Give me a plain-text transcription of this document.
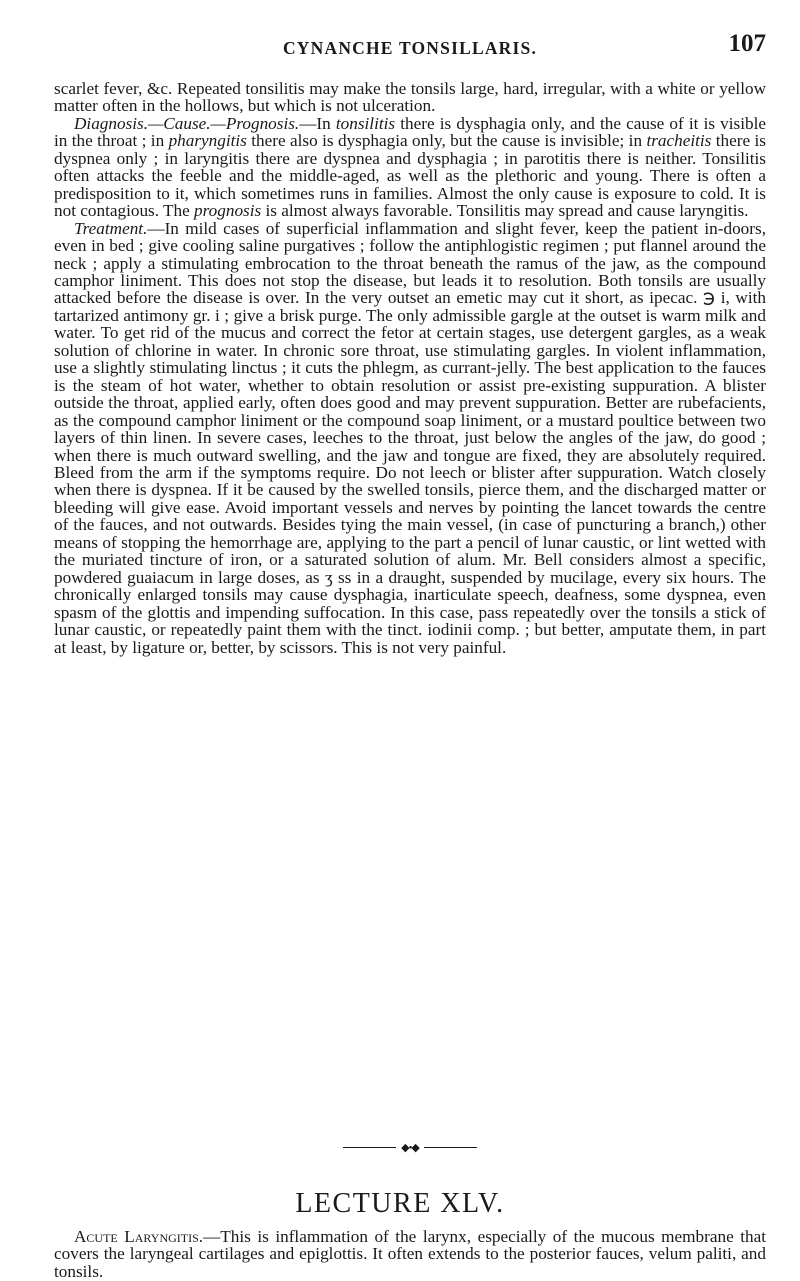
CYNANCHE TONSILLARIS.	107

scarlet fever, &c. Repeated tonsilitis may make the tonsils large, hard, irregular, with a white or yellow matter often in the hollows, but which is not ulceration.

Diagnosis.—Cause.—Prognosis.—In tonsilitis there is dysphagia only, and the cause of it is visible in the throat ; in pharyngitis there also is dysphagia only, but the cause is invisible; in tracheitis there is dyspnea only ; in laryngitis there are dyspnea and dysphagia ; in parotitis there is neither. Tonsilitis often attacks the feeble and the middle-aged, as well as the plethoric and young. There is often a predisposition to it, which sometimes runs in families. Almost the only cause is exposure to cold. It is not contagious. The prognosis is almost always favorable. Tonsilitis may spread and cause laryngitis.

Treatment.—In mild cases of superficial inflammation and slight fever, keep the patient in-doors, even in bed ; give cooling saline purgatives ; follow the antiphlogistic regimen ; put flannel around the neck ; apply a stimulating embrocation to the throat beneath the ramus of the jaw, as the compound camphor liniment. This does not stop the disease, but leads it to resolution. Both tonsils are usually attacked before the disease is over. In the very outset an emetic may cut it short, as ipecac. ℈ i, with tartarized antimony gr. i ; give a brisk purge. The only admissible gargle at the outset is warm milk and water. To get rid of the mucus and correct the fetor at certain stages, use detergent gargles, as a weak solution of chlorine in water. In chronic sore throat, use stimulating gargles. In violent inflammation, use a slightly stimulating linctus ; it cuts the phlegm, as currant-jelly. The best application to the fauces is the steam of hot water, whether to obtain resolution or assist pre-existing suppuration. A blister outside the throat, applied early, often does good and may prevent suppuration. Better are rubefacients, as the compound camphor liniment or the compound soap liniment, or a mustard poultice between two layers of thin linen. In severe cases, leeches to the throat, just below the angles of the jaw, do good ; when there is much outward swelling, and the jaw and tongue are fixed, they are absolutely required. Bleed from the arm if the symptoms require. Do not leech or blister after suppuration. Watch closely when there is dyspnea. If it be caused by the swelled tonsils, pierce them, and the discharged matter or bleeding will give ease. Avoid important vessels and nerves by pointing the lancet towards the centre of the fauces, and not outwards. Besides tying the main vessel, (in case of puncturing a branch,) other means of stopping the hemorrhage are, applying to the part a pencil of lunar caustic, or lint wetted with the muriated tincture of iron, or a saturated solution of alum. Mr. Bell considers almost a specific, powdered guaiacum in large doses, as ʒ ss in a draught, suspended by mucilage, every six hours. The chronically enlarged tonsils may cause dysphagia, inarticulate speech, deafness, some dyspnea, even spasm of the glottis and impending suffocation. In this case, pass repeatedly over the tonsils a stick of lunar caustic, or repeatedly paint them with the tinct. iodinii comp. ; but better, amputate them, in part at least, by ligature or, better, by scissors. This is not very painful.

◆•◆
LECTURE XLV.

Acute Laryngitis.—This is inflammation of the larynx, especially of the mucous membrane that covers the laryngeal cartilages and epiglottis. It often extends to the posterior fauces, velum paliti, and tonsils.
